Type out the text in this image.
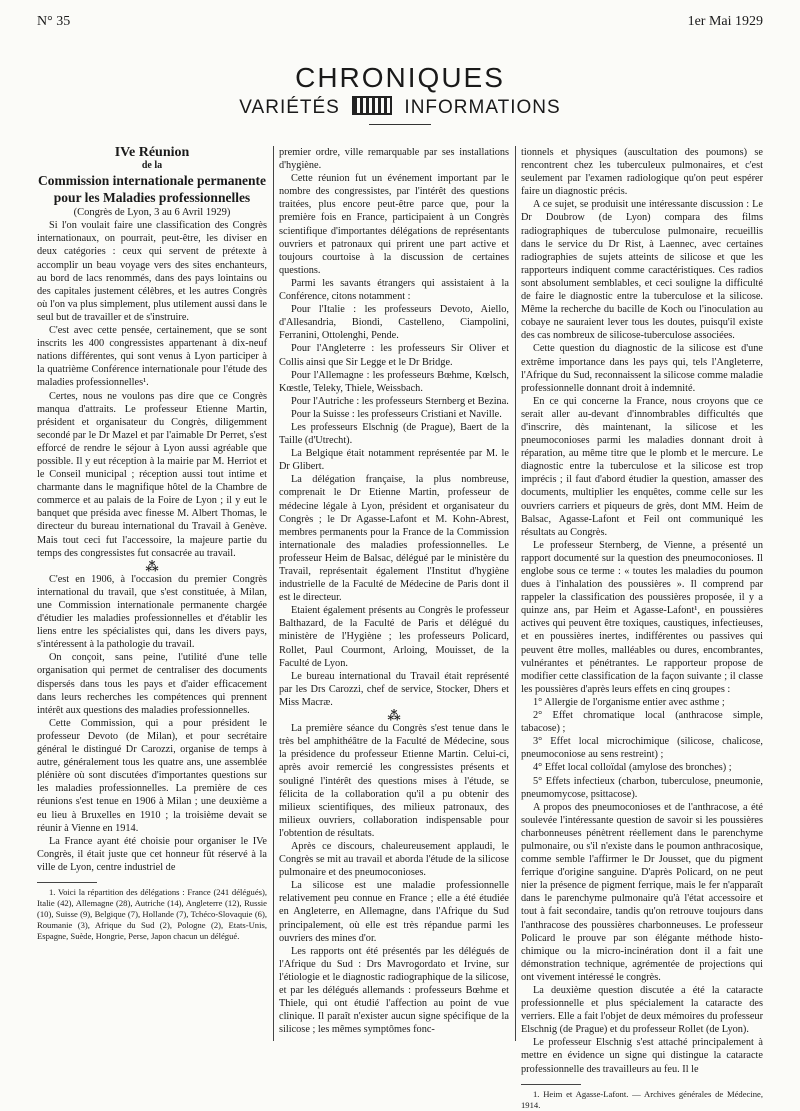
N° 35	1er Mai 1929
CHRONIQUES
VARIÉTÉS	INFORMATIONS

IVe Réunion

de la

Commission internationale permanente pour les Maladies professionnelles

(Congrès de Lyon, 3 au 6 Avril 1929)

Si l'on voulait faire une classification des Congrès internationaux, on pourrait, peut-être, les diviser en deux catégories : ceux qui servent de prétexte à accomplir un beau voyage vers des sites enchanteurs, au bord de lacs renommés, dans des pays lointains ou des capitales justement célèbres, et les autres Congrès où l'on va plus simplement, plus utilement aussi dans le seul but de travailler et de s'instruire.

C'est avec cette pensée, certainement, que se sont inscrits les 400 congressistes appartenant à dix-neuf nations différentes, qui sont venus à Lyon participer à la quatrième Conférence internationale pour l'étude des maladies professionnelles¹.

Certes, nous ne voulons pas dire que ce Congrès manqua d'attraits. Le professeur Etienne Martin, président et organisateur du Congrès, diligemment secondé par le Dr Mazel et par l'aimable Dr Perret, s'est efforcé de rendre le séjour à Lyon aussi agréable que possible. Il y eut réception à la mairie par M. Herriot et le Conseil municipal ; réception aussi tout intime et charmante dans le magnifique hôtel de la Chambre de commerce et au palais de la Foire de Lyon ; il y eut le banquet que présida avec finesse M. Albert Thomas, le directeur du bureau international du Travail à Genève. Mais tout ceci fut l'accessoire, la majeure partie du temps des congressistes fut consacrée au travail.

⁂

C'est en 1906, à l'occasion du premier Congrès international du travail, que s'est constituée, à Milan, une Commission internationale permanente chargée d'étudier les maladies professionnelles et d'établir les liens entre les spécialistes qui, dans les divers pays, s'intéressent à la pathologie du travail.

On conçoit, sans peine, l'utilité d'une telle organisation qui permet de centraliser des documents dispersés dans tous les pays et d'aider efficacement dans leurs recherches les compétences qui prennent intérêt aux questions des maladies professionnelles.

Cette Commission, qui a pour président le professeur Devoto (de Milan), et pour secrétaire général le distingué Dr Carozzi, organise de temps à autre, généralement tous les quatre ans, une assemblée plénière où sont discutées d'importantes questions sur les maladies professionnelles. La première de ces réunions s'est tenue en 1906 à Milan ; une deuxième a eu lieu à Bruxelles en 1910 ; la troisième devait se réunir à Vienne en 1914.

La France ayant été choisie pour organiser le IVe Congrès, il était juste que cet honneur fût réservé à la ville de Lyon, centre industriel de

1. Voici la répartition des délégations : France (241 délégués), Italie (42), Allemagne (28), Autriche (14), Angleterre (12), Russie (10), Suisse (9), Belgique (7), Hollande (7), Tchéco-Slovaquie (6), Roumanie (3), Afrique du Sud (2), Pologne (2), Etats-Unis, Espagne, Suède, Hongrie, Perse, Japon chacun un délégué.

premier ordre, ville remarquable par ses installations d'hygiène.

Cette réunion fut un événement important par le nombre des congressistes, par l'intérêt des questions traitées, plus encore peut-être parce que, pour la première fois en France, participaient à un Congrès scientifique d'importantes délégations de représentants ouvriers et patronaux qui prirent une part active et toujours courtoise à la discussion de certaines questions.

Parmi les savants étrangers qui assistaient à la Conférence, citons notamment :

Pour l'Italie : les professeurs Devoto, Aiello, d'Allesandria, Biondi, Castelleno, Ciampolini, Ferranini, Ottolenghi, Pende.

Pour l'Angleterre : les professeurs Sir Oliver et Collis ainsi que Sir Legge et le Dr Bridge.

Pour l'Allemagne : les professeurs Bœhme, Kœlsch, Kœstle, Teleky, Thiele, Weissbach.

Pour l'Autriche : les professeurs Sternberg et Bezina.

Pour la Suisse : les professeurs Cristiani et Naville.

Les professeurs Elschnig (de Prague), Baert de la Taille (d'Utrecht).

La Belgique était notamment représentée par M. le Dr Glibert.

La délégation française, la plus nombreuse, comprenait le Dr Etienne Martin, professeur de médecine légale à Lyon, président et organisateur du Congrès ; le Dr Agasse-Lafont et M. Kohn-Abrest, membres permanents pour la France de la Commission internationale des maladies professionnelles. Le professeur Heim de Balsac, délégué par le ministère du Travail, représentait également l'Institut d'hygiène industrielle de la Faculté de Médecine de Paris dont il est le directeur.

Etaient également présents au Congrès le professeur Balthazard, de la Faculté de Paris et délégué du ministère de l'Hygiène ; les professeurs Policard, Rollet, Paul Courmont, Arloing, Mouisset, de la Faculté de Lyon.

Le bureau international du Travail était représenté par les Drs Carozzi, chef de service, Stocker, Dhers et Miss Macræ.

⁂

La première séance du Congrès s'est tenue dans le très bel amphithéâtre de la Faculté de Médecine, sous la présidence du professeur Etienne Martin. Celui-ci, après avoir remercié les congressistes présents et souligné l'intérêt des questions mises à l'étude, se félicita de la collaboration qu'il a pu obtenir des milieux scientifiques, des milieux patronaux, des milieux ouvriers, collaboration indispensable pour l'obtention de résultats.

Après ce discours, chaleureusement applaudi, le Congrès se mit au travail et aborda l'étude de la silicose pulmonaire et des pneumoconioses.

La silicose est une maladie professionnelle relativement peu connue en France ; elle a été étudiée en Angleterre, en Allemagne, dans l'Afrique du Sud principalement, où elle est très répandue parmi les ouvriers des mines d'or.

Les rapports ont été présentés par les délégués de l'Afrique du Sud : Drs Mavrogordato et Irvine, sur l'étiologie et le diagnostic radiographique de la silicose, et par les délégués allemands : professeurs Bœhme et Thiele, qui ont étudié l'affection au point de vue clinique. Il paraît n'exister aucun signe spécifique de la silicose ; les mêmes symptômes fonc-

tionnels et physiques (auscultation des poumons) se rencontrent chez les tuberculeux pulmonaires, et c'est seulement par l'examen radiologique qu'on peut espérer faire un diagnostic précis.

A ce sujet, se produisit une intéressante discussion : Le Dr Doubrow (de Lyon) compara des films radiographiques de tuberculose pulmonaire, recueillis dans le service du Dr Rist, à Laennec, avec certaines radiographies de sujets atteints de silicose et que les rapporteurs indiquent comme caractéristiques. Ces radios sont absolument semblables, et ceci souligne la difficulté de faire le diagnostic entre la tuberculose et la silicose. Même la recherche du bacille de Koch ou l'inoculation au cobaye ne sauraient lever tous les doutes, puisqu'il existe des cas nombreux de silicose-tuberculose associées.

Cette question du diagnostic de la silicose est d'une extrême importance dans les pays qui, tels l'Angleterre, l'Afrique du Sud, reconnaissent la silicose comme maladie professionnelle donnant droit à indemnité.

En ce qui concerne la France, nous croyons que ce serait aller au-devant d'innombrables difficultés que d'inscrire, dès maintenant, la silicose et les pneumoconioses parmi les maladies donnant droit à réparation, au même titre que le plomb et le mercure. Le diagnostic entre la tuberculose et la silicose est trop imprécis ; il faut d'abord étudier la question, amasser des documents, multiplier les enquêtes, comme celle sur les ouvriers carriers et piqueurs de grès, dont MM. Heim de Balsac, Agasse-Lafont et Feil ont communiqué les résultats au Congrès.

Le professeur Sternberg, de Vienne, a présenté un rapport documenté sur la question des pneumoconioses. Il englobe sous ce terme : « toutes les maladies du poumon dues à l'inhalation des poussières ». Il comprend par rappeler la classification des poussières proposée, il y a quinze ans, par Heim et Agasse-Lafont¹, en poussières actives qui peuvent être toxiques, caustiques, infectieuses, et en poussières inertes, indifférentes ou passives qui peuvent être molles, malléables ou dures, encombrantes, vulnérantes et pénétrantes. Le rapporteur propose de modifier cette classification de la façon suivante ; il classe les poussières d'après leurs effets en cinq groupes :

1° Allergie de l'organisme entier avec asthme ;

2° Effet chromatique local (anthracose simple, tabacose) ;

3° Effet local microchimique (silicose, chalicose, pneumoconiose au sens restreint) ;

4° Effet local colloïdal (amylose des bronches) ;

5° Effets infectieux (charbon, tuberculose, pneumonie, pneumomycose, psittacose).

A propos des pneumoconioses et de l'anthracose, a été soulevée l'intéressante question de savoir si les poussières charbonneuses pénètrent réellement dans le parenchyme pulmonaire, ou s'il n'existe dans le poumon anthracosique, comme semble l'affirmer le Dr Jousset, que du pigment ferrique d'origine sanguine. D'après Policard, on ne peut nier la présence de pigment ferrique, mais le fer n'apparaît dans le parenchyme pulmonaire qu'à l'état accessoire et tout à fait secondaire, tandis qu'on retrouve toujours dans l'anthracose des poussières charbonneuses. Le professeur Policard le prouve par son élégante méthode histo-chimique ou la micro-incinération dont il a fait une démonstration technique, agrémentée de projections qui ont vivement intéressé le congrès.

La deuxième question discutée a été la cataracte professionnelle et plus spécialement la cataracte des verriers. Elle a fait l'objet de deux mémoires du professeur Elschnig (de Prague) et du professeur Rollet (de Lyon).

Le professeur Elschnig s'est attaché principalement à mettre en évidence un signe qui distingue la cataracte professionnelle des travailleurs au feu. Il le

1. Heim et Agasse-Lafont. — Archives générales de Médecine, 1914.
